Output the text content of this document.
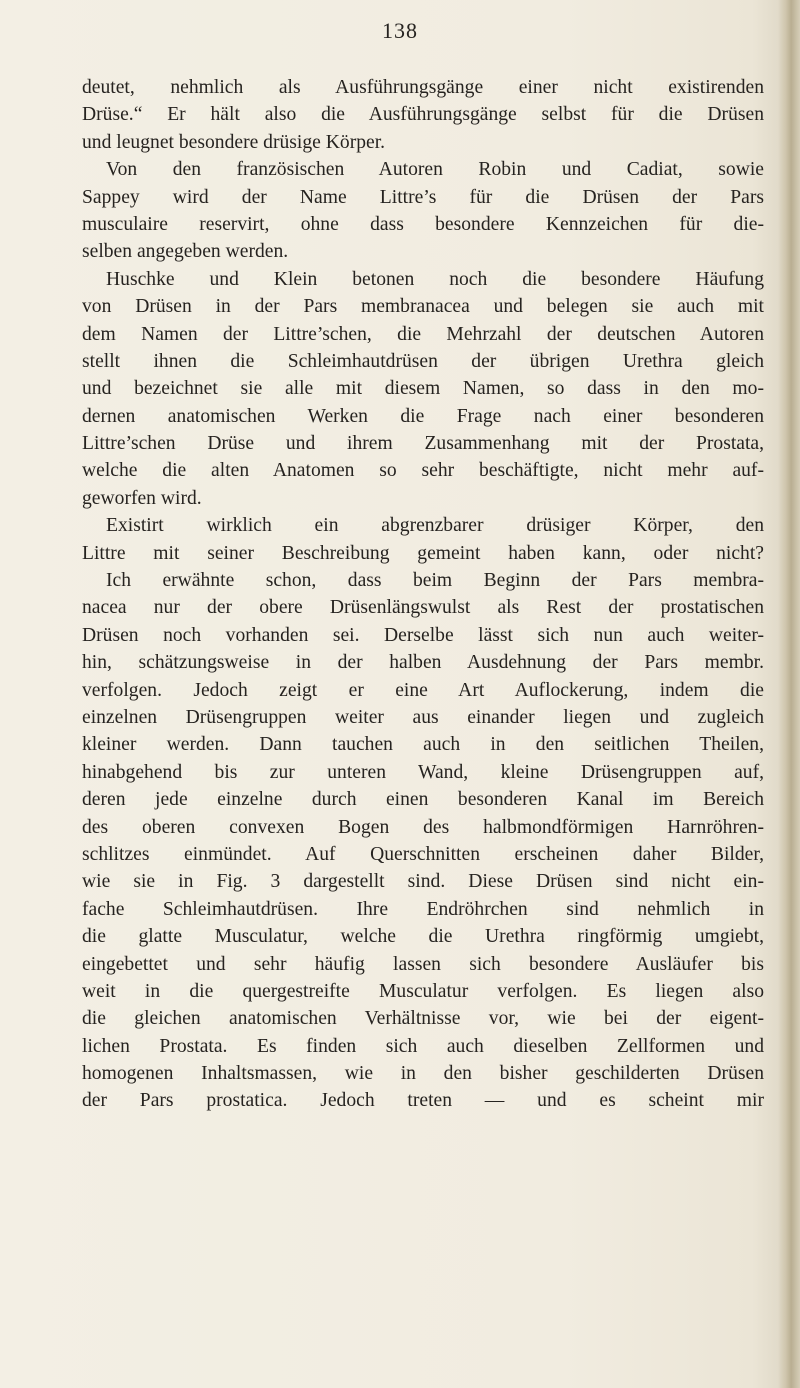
138
deutet, nehmlich als Ausführungsgänge einer nicht existirenden
Drüse.“ Er hält also die Ausführungsgänge selbst für die Drüsen
und leugnet besondere drüsige Körper.
Von den französischen Autoren Robin und Cadiat, sowie
Sappey wird der Name Littre’s für die Drüsen der Pars
musculaire reservirt, ohne dass besondere Kennzeichen für die-
selben angegeben werden.
Huschke und Klein betonen noch die besondere Häufung
von Drüsen in der Pars membranacea und belegen sie auch mit
dem Namen der Littre’schen, die Mehrzahl der deutschen Autoren
stellt ihnen die Schleimhautdrüsen der übrigen Urethra gleich
und bezeichnet sie alle mit diesem Namen, so dass in den mo-
dernen anatomischen Werken die Frage nach einer besonderen
Littre’schen Drüse und ihrem Zusammenhang mit der Prostata,
welche die alten Anatomen so sehr beschäftigte, nicht mehr auf-
geworfen wird.
Existirt wirklich ein abgrenzbarer drüsiger Körper, den
Littre mit seiner Beschreibung gemeint haben kann, oder nicht?
Ich erwähnte schon, dass beim Beginn der Pars membra-
nacea nur der obere Drüsenlängswulst als Rest der prostatischen
Drüsen noch vorhanden sei. Derselbe lässt sich nun auch weiter-
hin, schätzungsweise in der halben Ausdehnung der Pars membr.
verfolgen. Jedoch zeigt er eine Art Auflockerung, indem die
einzelnen Drüsengruppen weiter aus einander liegen und zugleich
kleiner werden. Dann tauchen auch in den seitlichen Theilen,
hinabgehend bis zur unteren Wand, kleine Drüsengruppen auf,
deren jede einzelne durch einen besonderen Kanal im Bereich
des oberen convexen Bogen des halbmondförmigen Harnröhren-
schlitzes einmündet. Auf Querschnitten erscheinen daher Bilder,
wie sie in Fig. 3 dargestellt sind. Diese Drüsen sind nicht ein-
fache Schleimhautdrüsen. Ihre Endröhrchen sind nehmlich in
die glatte Musculatur, welche die Urethra ringförmig umgiebt,
eingebettet und sehr häufig lassen sich besondere Ausläufer bis
weit in die quergestreifte Musculatur verfolgen. Es liegen also
die gleichen anatomischen Verhältnisse vor, wie bei der eigent-
lichen Prostata. Es finden sich auch dieselben Zellformen und
homogenen Inhaltsmassen, wie in den bisher geschilderten Drüsen
der Pars prostatica. Jedoch treten — und es scheint mir
